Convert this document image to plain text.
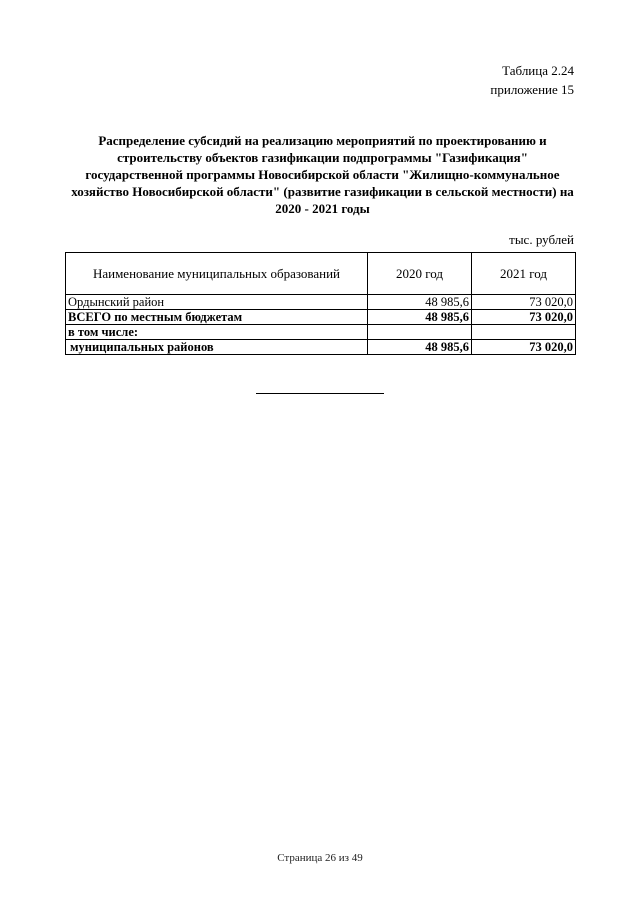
Таблица 2.24
приложение 15
Распределение субсидий на реализацию мероприятий по проектированию и
строительству объектов газификации подпрограммы "Газификация"
государственной программы Новосибирской области "Жилищно-коммунальное
хозяйство Новосибирской области" (развитие газификации в сельской местности) на
2020 - 2021 годы
тыс. рублей
Наименование муниципальных образований	2020 год	2021 год
Ордынский район	48 985,6	73 020,0
ВСЕГО по местным бюджетам	48 985,6	73 020,0
в том числе:		
муниципальных районов	48 985,6	73 020,0
Страница 26 из 49
